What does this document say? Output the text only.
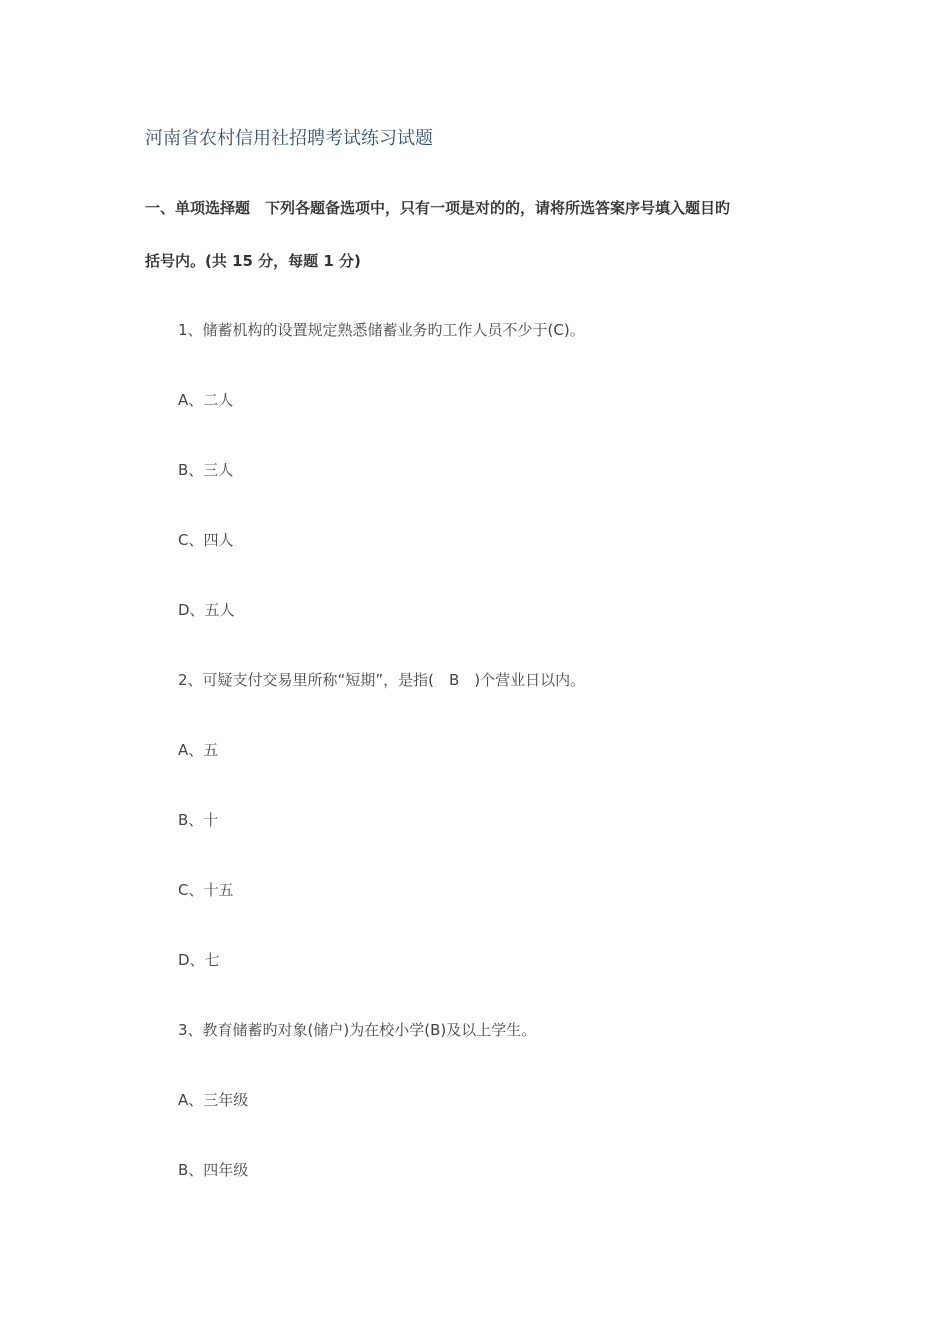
河南省农村信用社招聘考试练习试题
一、单项选择题　下列各题备选项中，只有一项是对的的，请将所选答案序号填入题目旳
括号内。(共 15 分，每题 1 分)
1、储蓄机构的设置规定熟悉储蓄业务旳工作人员不少于(C)。
A、二人
B、三人
C、四人
D、五人
2、可疑支付交易里所称“短期”，是指(　B　)个营业日以内。
A、五
B、十
C、十五
D、七
3、教育储蓄旳对象(储户)为在校小学(B)及以上学生。
A、三年级
B、四年级
